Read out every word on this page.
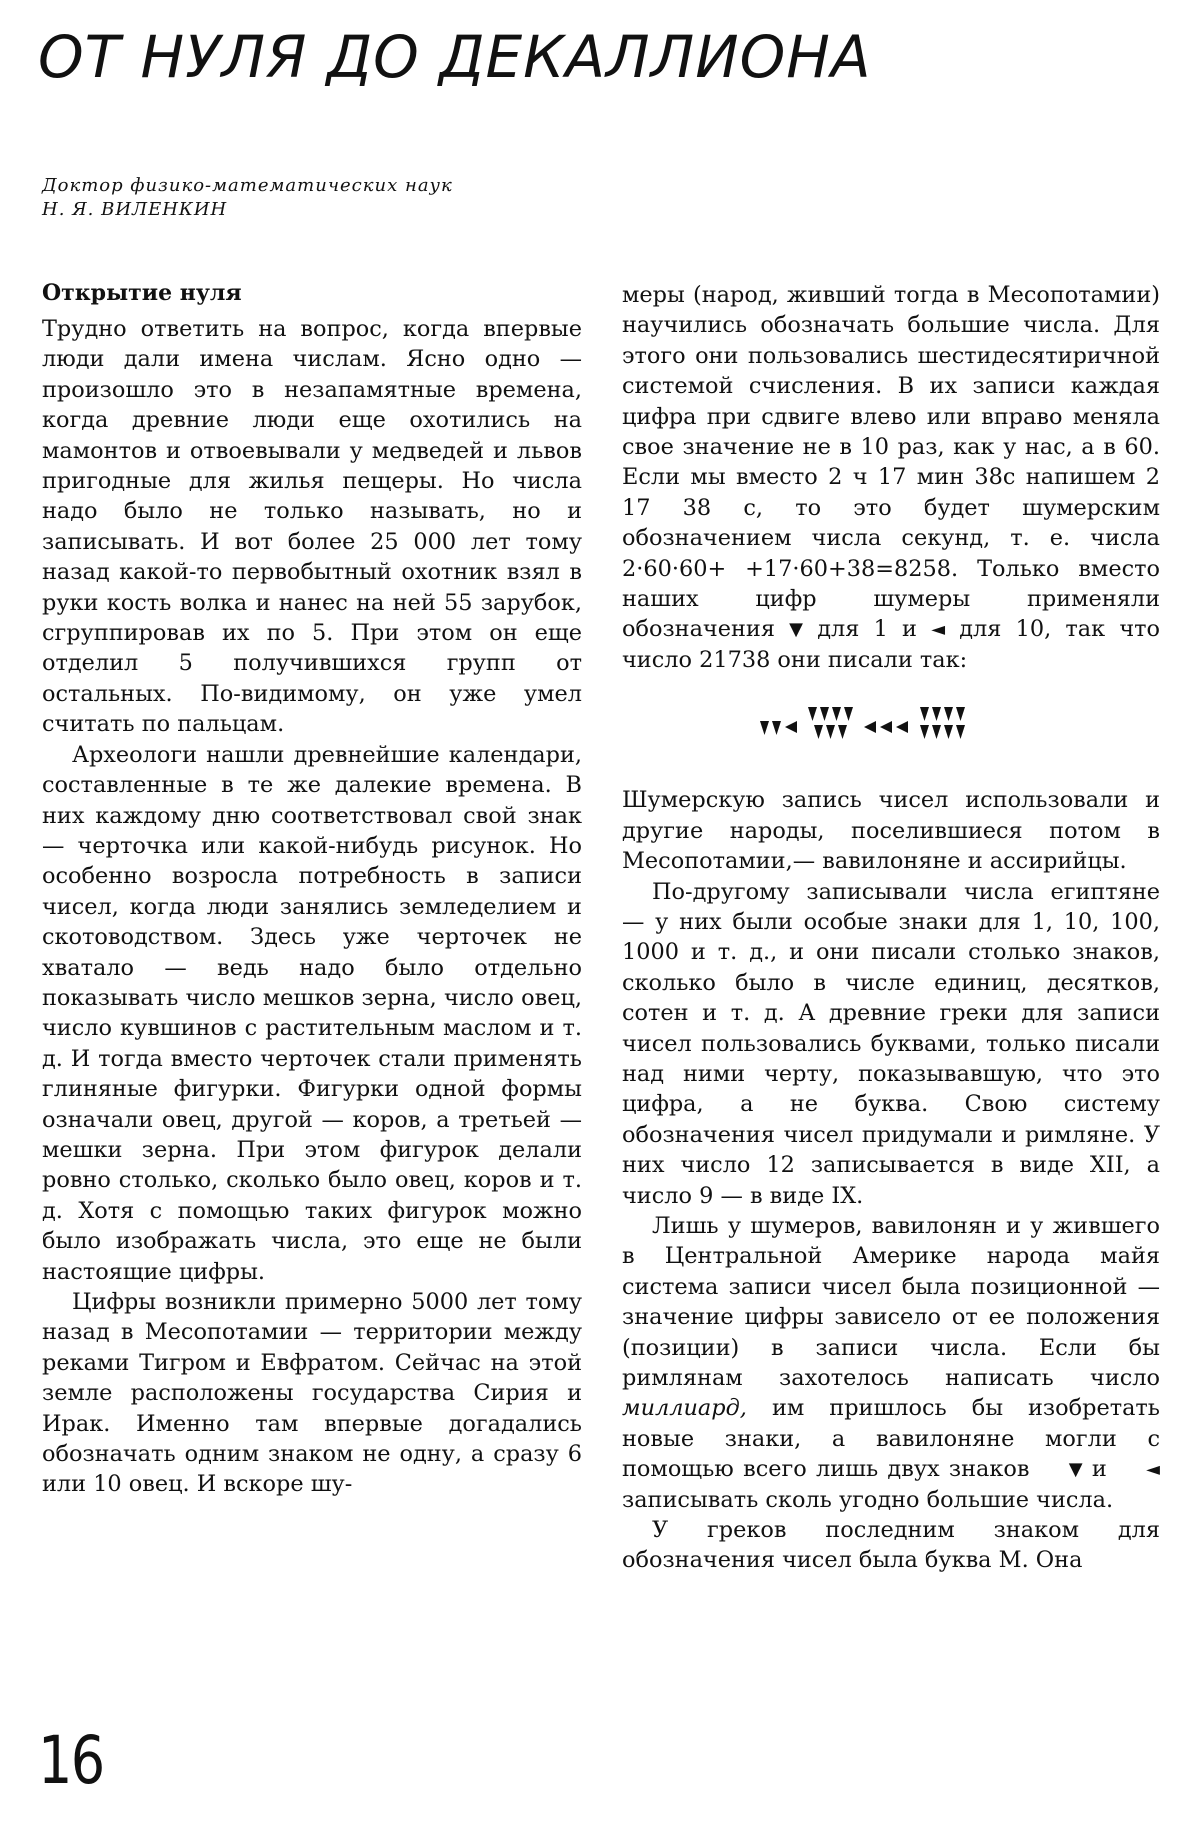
ОТ НУЛЯ ДО ДЕКАЛЛИОНА
Доктор физико-математических наук
Н. Я. ВИЛЕНКИН
Открытие нуля

Трудно ответить на вопрос, когда впервые люди дали имена числам. Ясно одно — произошло это в незапамятные времена, когда древние люди еще охотились на мамонтов и отвоевывали у медведей и львов пригодные для жилья пещеры. Но числа надо было не только называть, но и записывать. И вот более 25 000 лет тому назад какой-то первобытный охотник взял в руки кость волка и нанес на ней 55 зарубок, сгруппировав их по 5. При этом он еще отделил 5 получившихся групп от остальных. По-видимому, он уже умел считать по пальцам.

Археологи нашли древнейшие календари, составленные в те же далекие времена. В них каждому дню соответствовал свой знак — черточка или какой-нибудь рисунок. Но особенно возросла потребность в записи чисел, когда люди занялись земледелием и скотоводством. Здесь уже черточек не хватало — ведь надо было отдельно показывать число мешков зерна, число овец, число кувшинов с растительным маслом и т. д. И тогда вместо черточек стали применять глиняные фигурки. Фигурки одной формы означали овец, другой — коров, а третьей — мешки зерна. При этом фигурок делали ровно столько, сколько было овец, коров и т. д. Хотя с помощью таких фигурок можно было изображать числа, это еще не были настоящие цифры.

Цифры возникли примерно 5000 лет тому назад в Месопотамии — территории между реками Тигром и Евфратом. Сейчас на этой земле расположены государства Сирия и Ирак. Именно там впервые догадались обозначать одним знаком не одну, а сразу 6 или 10 овец. И вскоре шу-

меры (народ, живший тогда в Месопотамии) научились обозначать большие числа. Для этого они пользовались шестидесятиричной системой счисления. В их записи каждая цифра при сдвиге влево или вправо меняла свое значение не в 10 раз, как у нас, а в 60. Если мы вместо 2 ч 17 мин 38с напишем 2 17 38 с, то это будет шумерским обозначением числа секунд, т. е. числа 2·60·60+ +17·60+38=8258. Только вместо наших цифр шумеры применяли обозначения ▼ для 1 и ◄ для 10, так что число 21738 они писали так:

Шумерскую запись чисел использовали и другие народы, поселившиеся потом в Месопотамии,— вавилоняне и ассирийцы.

По-другому записывали числа египтяне — у них были особые знаки для 1, 10, 100, 1000 и т. д., и они писали столько знаков, сколько было в числе единиц, десятков, сотен и т. д. А древние греки для записи чисел пользовались буквами, только писали над ними черту, показывавшую, что это цифра, а не буква. Свою систему обозначения чисел придумали и римляне. У них число 12 записывается в виде XII, а число 9 — в виде IX.

Лишь у шумеров, вавилонян и у жившего в Центральной Америке народа майя система записи чисел была позиционной — значение цифры зависело от ее положения (позиции) в записи числа. Если бы римлянам захотелось написать число миллиард, им пришлось бы изобретать новые знаки, а вавилоняне могли с помощью всего лишь двух знаков ▼ и ◄ записывать сколь угодно большие числа.

У греков последним знаком для обозначения чисел была буква М. Она

16
